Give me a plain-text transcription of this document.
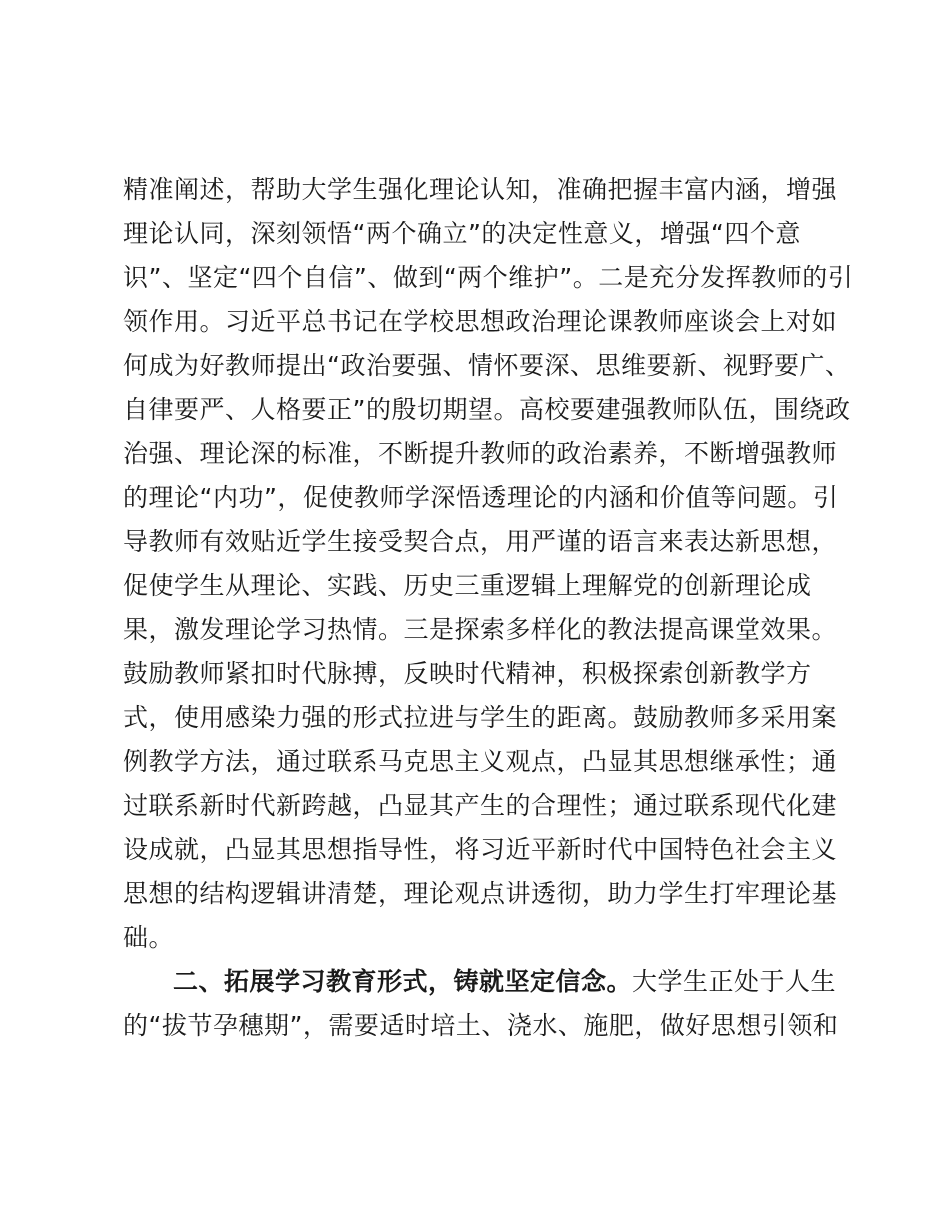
精准阐述，帮助大学生强化理论认知，准确把握丰富内涵，增强
理论认同，深刻领悟“两个确立”的决定性意义，增强“四个意
识”、坚定“四个自信”、做到“两个维护”。二是充分发挥教师的引
领作用。习近平总书记在学校思想政治理论课教师座谈会上对如
何成为好教师提出“政治要强、情怀要深、思维要新、视野要广、
自律要严、人格要正”的殷切期望。高校要建强教师队伍，围绕政
治强、理论深的标准，不断提升教师的政治素养，不断增强教师
的理论“内功”，促使教师学深悟透理论的内涵和价值等问题。引
导教师有效贴近学生接受契合点，用严谨的语言来表达新思想，
促使学生从理论、实践、历史三重逻辑上理解党的创新理论成
果，激发理论学习热情。三是探索多样化的教法提高课堂效果。
鼓励教师紧扣时代脉搏，反映时代精神，积极探索创新教学方
式，使用感染力强的形式拉进与学生的距离。鼓励教师多采用案
例教学方法，通过联系马克思主义观点，凸显其思想继承性；通
过联系新时代新跨越，凸显其产生的合理性；通过联系现代化建
设成就，凸显其思想指导性，将习近平新时代中国特色社会主义
思想的结构逻辑讲清楚，理论观点讲透彻，助力学生打牢理论基
础。
二、拓展学习教育形式，铸就坚定信念。大学生正处于人生
的“拔节孕穗期”，需要适时培土、浇水、施肥，做好思想引领和
